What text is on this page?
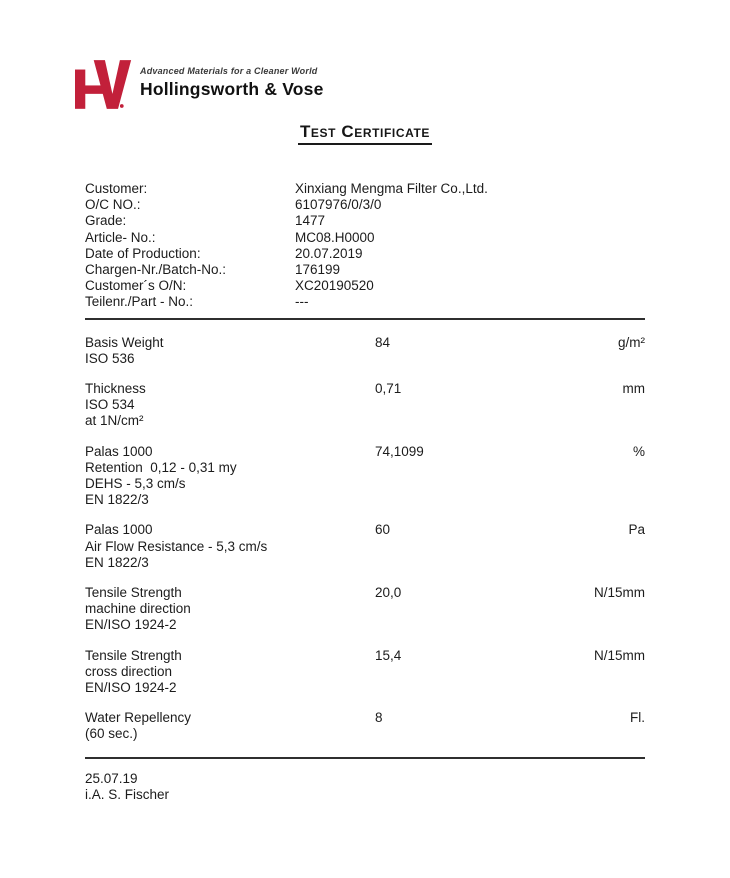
Advanced Materials for a Cleaner World
Hollingsworth & Vose
Test Certificate
Customer:	Xinxiang Mengma Filter Co.,Ltd.
O/C NO.:	6107976/0/3/0
Grade:	1477
Article- No.:	MC08.H0000
Date of Production:	20.07.2019
Chargen-Nr./Batch-No.:	176199
Customer´s O/N:	XC20190520
Teilenr./Part - No.:	---
Basis Weight
ISO 536
84	g/m²
Thickness
ISO 534
at 1N/cm²
0,71	mm
Palas 1000
Retention  0,12 - 0,31 my
DEHS - 5,3 cm/s
EN 1822/3
74,1099	%
Palas 1000
Air Flow Resistance - 5,3 cm/s
EN 1822/3
60	Pa
Tensile Strength
machine direction
EN/ISO 1924-2
20,0	N/15mm
Tensile Strength
cross direction
EN/ISO 1924-2
15,4	N/15mm
Water Repellency
(60 sec.)
8	Fl.
25.07.19
i.A. S. Fischer
